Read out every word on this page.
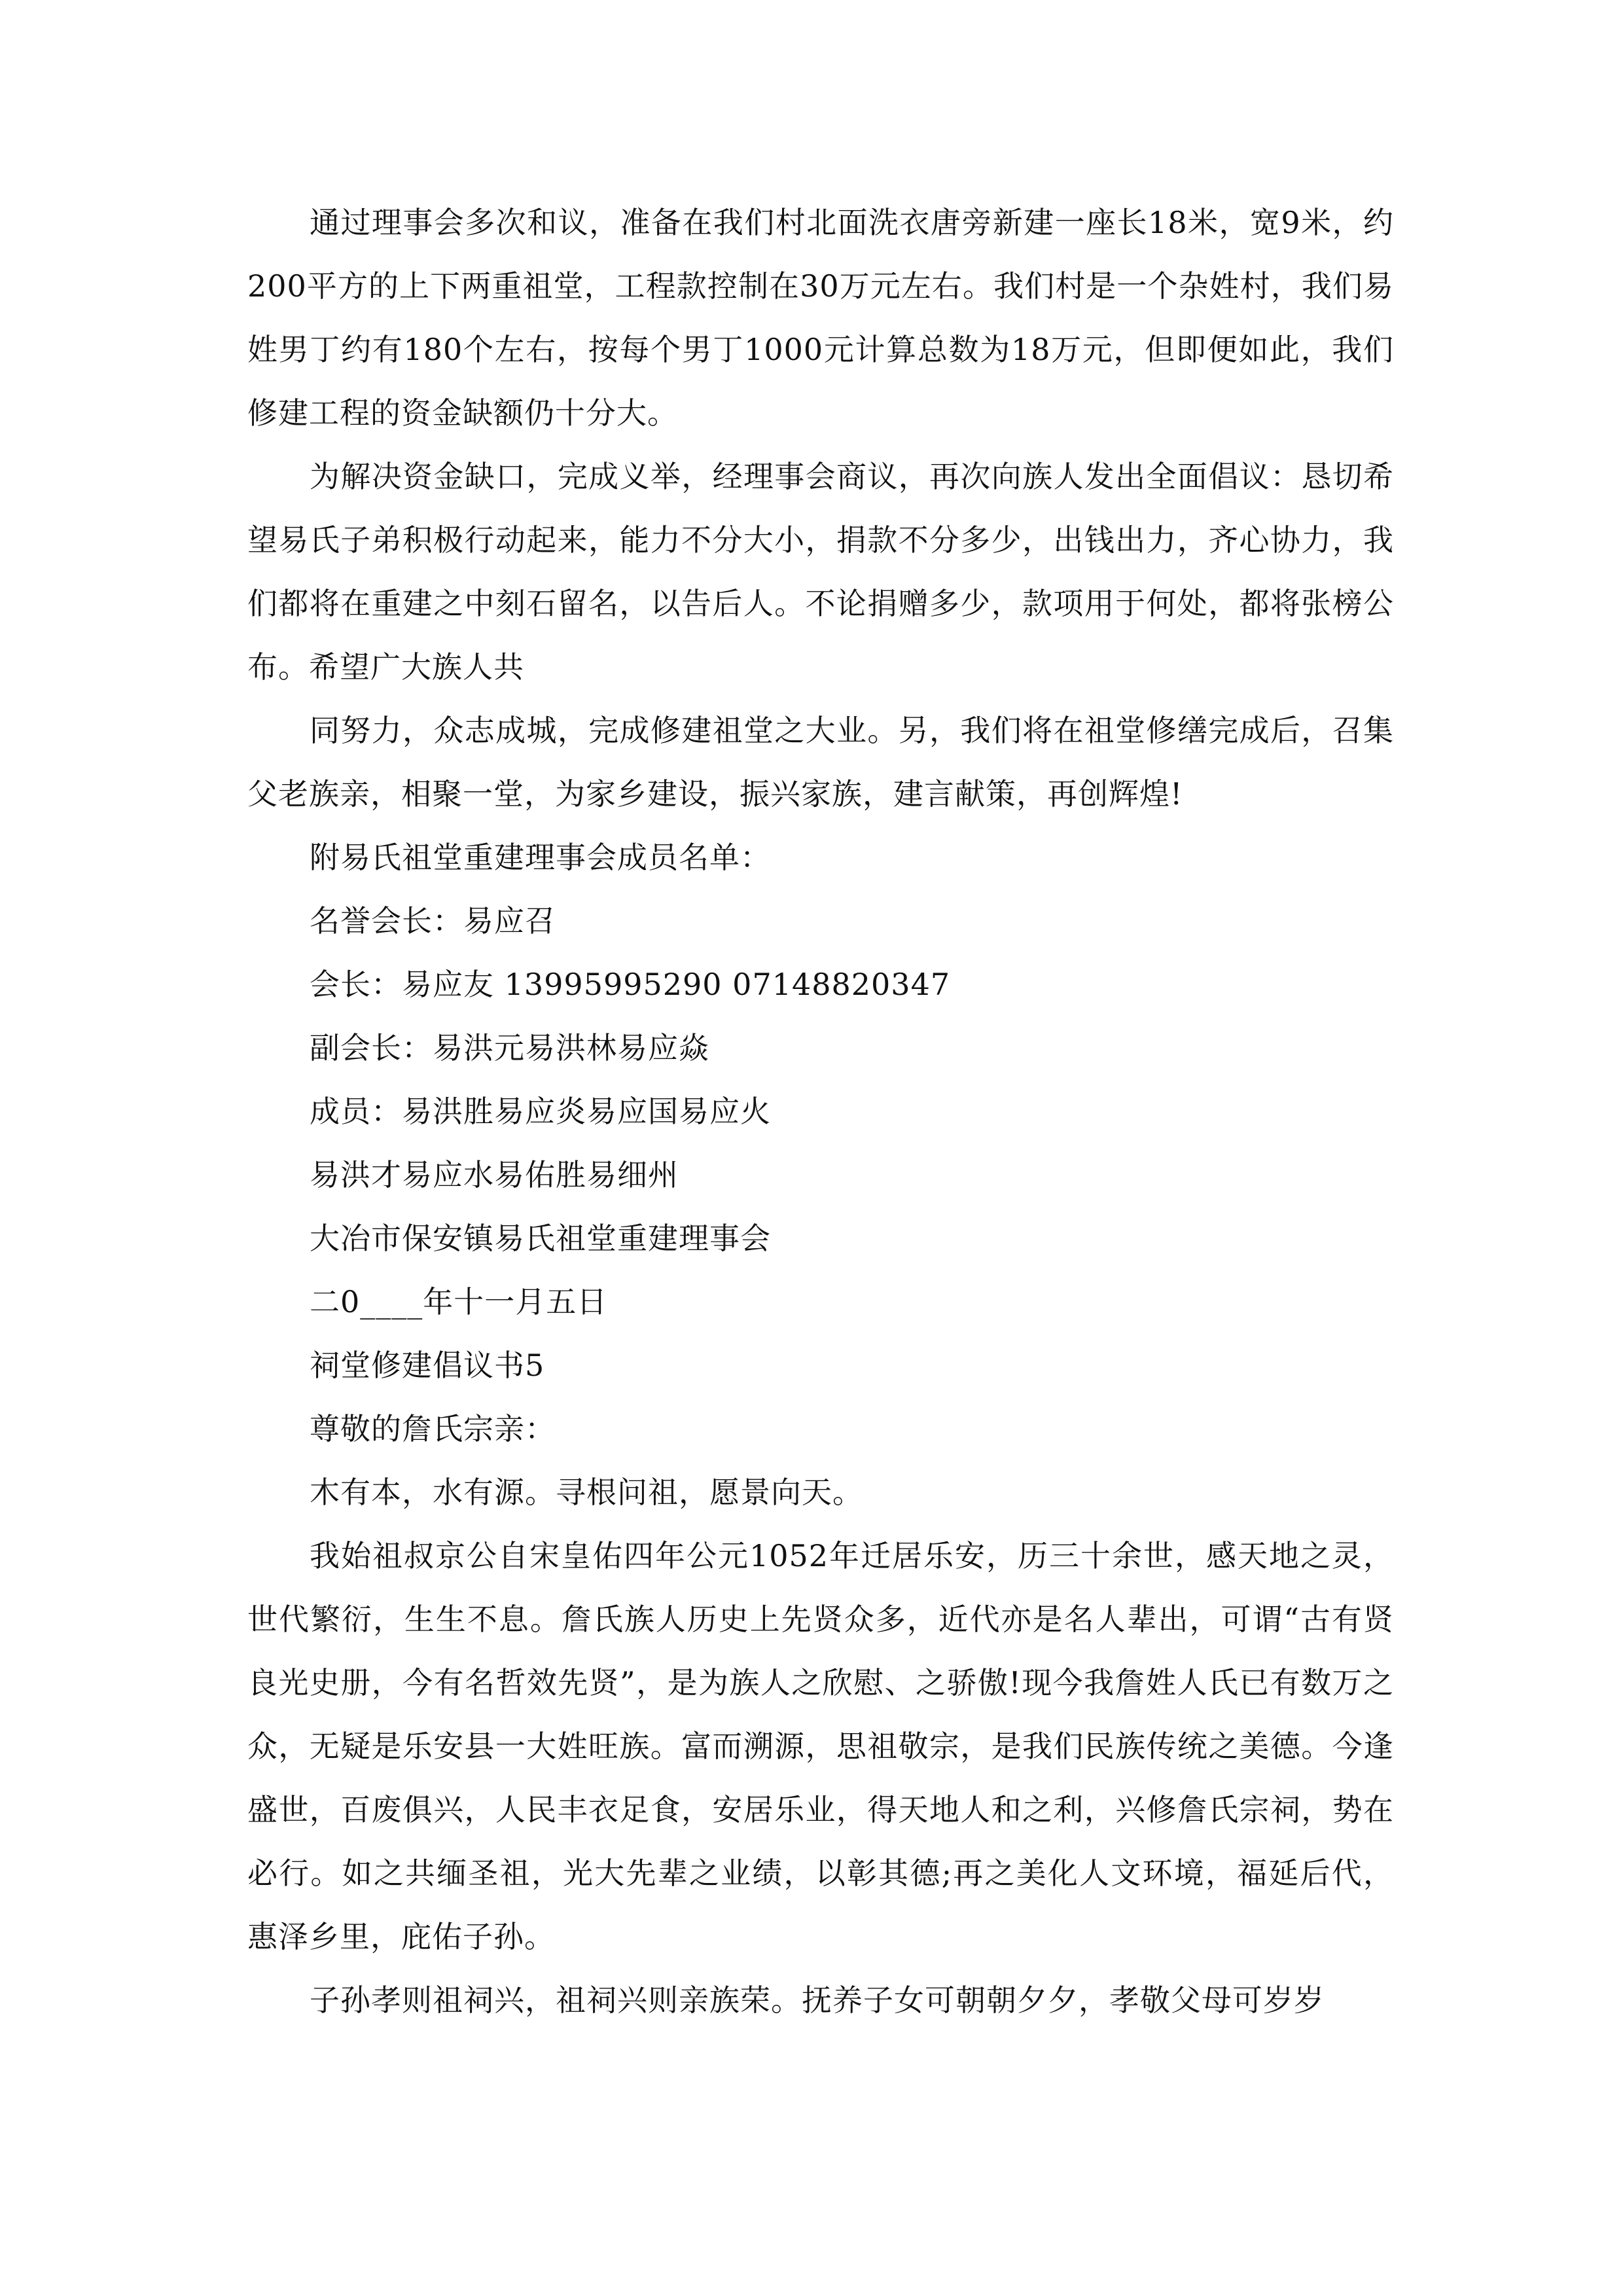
通过理事会多次和议，准备在我们村北面洗衣唐旁新建一座长18米，宽9米，约200平方的上下两重祖堂，工程款控制在30万元左右。我们村是一个杂姓村，我们易姓男丁约有180个左右，按每个男丁1000元计算总数为18万元，但即便如此，我们修建工程的资金缺额仍十分大。

为解决资金缺口，完成义举，经理事会商议，再次向族人发出全面倡议：恳切希望易氏子弟积极行动起来，能力不分大小，捐款不分多少，出钱出力，齐心协力，我们都将在重建之中刻石留名，以告后人。不论捐赠多少，款项用于何处，都将张榜公布。希望广大族人共

同努力，众志成城，完成修建祖堂之大业。另，我们将在祖堂修缮完成后，召集父老族亲，相聚一堂，为家乡建设，振兴家族，建言献策，再创辉煌!

附易氏祖堂重建理事会成员名单：

名誉会长：易应召

会长：易应友 13995995290 07148820347

副会长：易洪元易洪林易应焱

成员：易洪胜易应炎易应国易应火

易洪才易应水易佑胜易细州

大冶市保安镇易氏祖堂重建理事会

二0____年十一月五日

祠堂修建倡议书5

尊敬的詹氏宗亲：

木有本，水有源。寻根问祖，愿景向天。

我始祖叔京公自宋皇佑四年公元1052年迁居乐安，历三十余世，感天地之灵，世代繁衍，生生不息。詹氏族人历史上先贤众多，近代亦是名人辈出，可谓“古有贤良光史册，今有名哲效先贤”，是为族人之欣慰、之骄傲!现今我詹姓人氏已有数万之众，无疑是乐安县一大姓旺族。富而溯源，思祖敬宗，是我们民族传统之美德。今逢盛世，百废俱兴，人民丰衣足食，安居乐业，得天地人和之利，兴修詹氏宗祠，势在必行。如之共缅圣祖，光大先辈之业绩，以彰其德;再之美化人文环境，福延后代，惠泽乡里，庇佑子孙。

子孙孝则祖祠兴，祖祠兴则亲族荣。抚养子女可朝朝夕夕，孝敬父母可岁岁
